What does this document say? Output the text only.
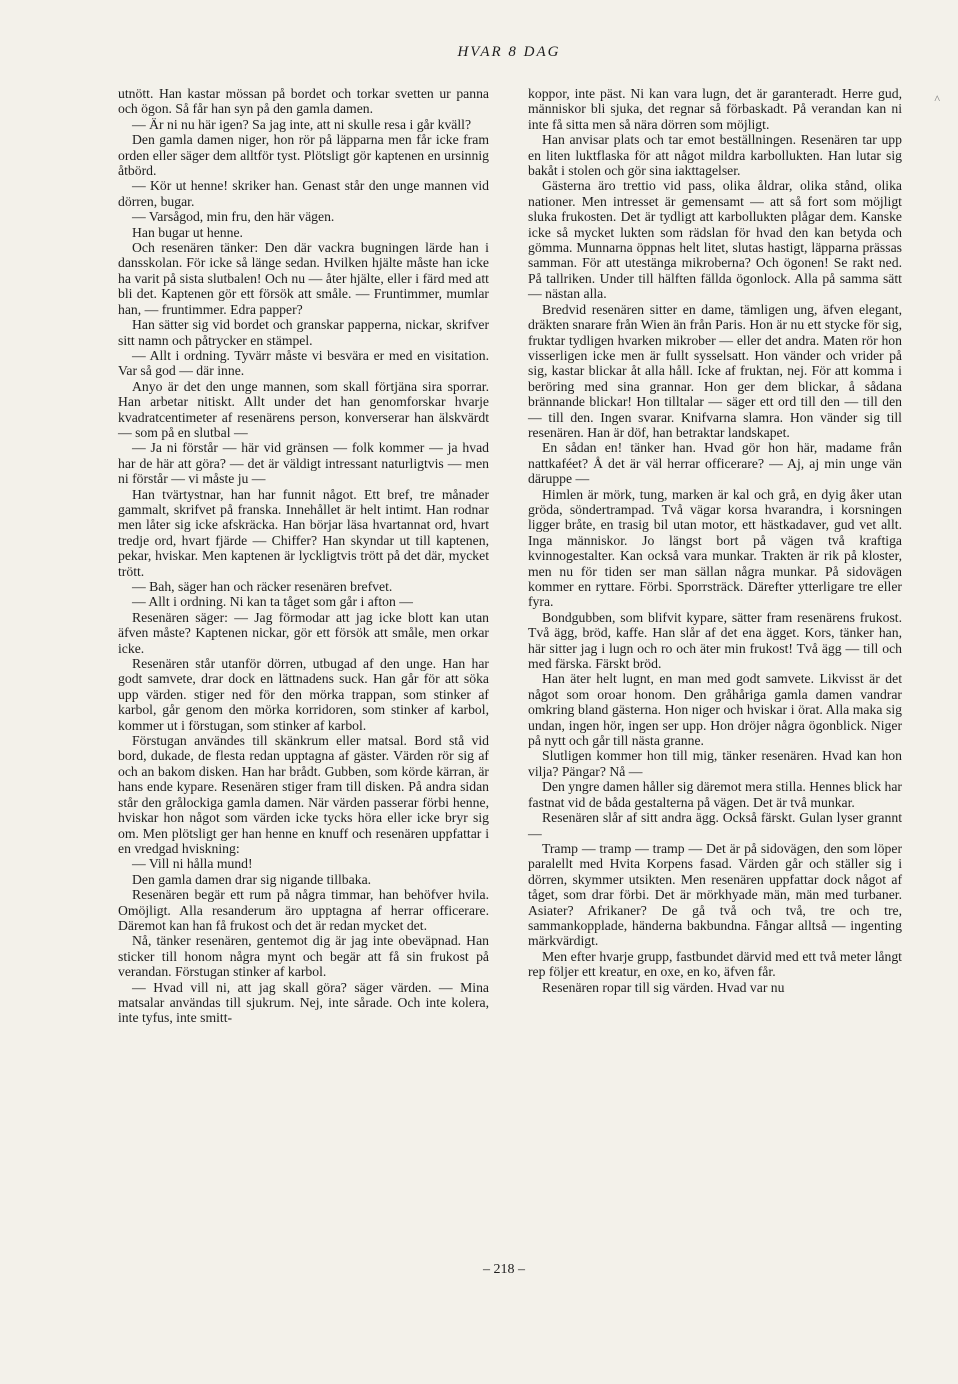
HVAR 8 DAG
^

utnött. Han kastar mössan på bordet och torkar svetten ur panna och ögon. Så får han syn på den gamla damen.

— Är ni nu här igen? Sa jag inte, att ni skulle resa i går kväll?

Den gamla damen niger, hon rör på läpparna men får icke fram orden eller säger dem alltför tyst. Plötsligt gör kaptenen en ursinnig åtbörd.

— Kör ut henne! skriker han. Genast står den unge mannen vid dörren, bugar.

— Varsågod, min fru, den här vägen.

Han bugar ut henne.

Och resenären tänker: Den där vackra bugningen lärde han i dansskolan. För icke så länge sedan. Hvilken hjälte måste han icke ha varit på sista slutbalen! Och nu — åter hjälte, eller i färd med att bli det. Kaptenen gör ett försök att småle. — Fruntimmer, mumlar han, — fruntimmer. Edra papper?

Han sätter sig vid bordet och granskar papperna, nickar, skrifver sitt namn och påtrycker en stämpel.

— Allt i ordning. Tyvärr måste vi besvära er med en visitation. Var så god — där inne.

Anyo är det den unge mannen, som skall förtjäna sira sporrar. Han arbetar nitiskt. Allt under det han genomforskar hvarje kvadratcentimeter af resenärens person, konverserar han älskvärdt — som på en slutbal —

— Ja ni förstår — här vid gränsen — folk kommer — ja hvad har de här att göra? — det är väldigt intressant naturligtvis — men ni förstår — vi måste ju —

Han tvärtystnar, han har funnit något. Ett bref, tre månader gammalt, skrifvet på franska. Innehållet är helt intimt. Han rodnar men låter sig icke afskräcka. Han börjar läsa hvartannat ord, hvart tredje ord, hvart fjärde — Chiffer? Han skyndar ut till kaptenen, pekar, hviskar. Men kaptenen är lyckligtvis trött på det där, mycket trött.

— Bah, säger han och räcker resenären brefvet.

— Allt i ordning. Ni kan ta tåget som går i afton —

Resenären säger: — Jag förmodar att jag icke blott kan utan äfven måste? Kaptenen nickar, gör ett försök att småle, men orkar icke.

Resenären står utanför dörren, utbugad af den unge. Han har godt samvete, drar dock en lättnadens suck. Han går för att söka upp värden. stiger ned för den mörka trappan, som stinker af karbol, går genom den mörka korridoren, som stinker af karbol, kommer ut i förstugan, som stinker af karbol.

Förstugan användes till skänkrum eller matsal. Bord stå vid bord, dukade, de flesta redan upptagna af gäster. Värden rör sig af och an bakom disken. Han har brådt. Gubben, som körde kärran, är hans ende kypare. Resenären stiger fram till disken. På andra sidan står den grålockiga gamla damen. När värden passerar förbi henne, hviskar hon något som värden icke tycks höra eller icke bryr sig om. Men plötsligt ger han henne en knuff och resenären uppfattar i en vredgad hviskning:

— Vill ni hålla mund!

Den gamla damen drar sig nigande tillbaka.

Resenären begär ett rum på några timmar, han behöfver hvila. Omöjligt. Alla resanderum äro upptagna af herrar officerare. Däremot kan han få frukost och det är redan mycket det.

Nå, tänker resenären, gentemot dig är jag inte obeväpnad. Han sticker till honom några mynt och begär att få sin frukost på verandan. Förstugan stinker af karbol.

— Hvad vill ni, att jag skall göra? säger värden. — Mina matsalar användas till sjukrum. Nej, inte sårade. Och inte kolera, inte tyfus, inte smitt-

koppor, inte päst. Ni kan vara lugn, det är garanteradt. Herre gud, människor bli sjuka, det regnar så förbaskadt. På verandan kan ni inte få sitta men så nära dörren som möjligt.

Han anvisar plats och tar emot beställningen. Resenären tar upp en liten luktflaska för att något mildra karbollukten. Han lutar sig bakåt i stolen och gör sina iakttagelser.

Gästerna äro trettio vid pass, olika åldrar, olika stånd, olika nationer. Men intresset är gemensamt — att så fort som möjligt sluka frukosten. Det är tydligt att karbollukten plågar dem. Kanske icke så mycket lukten som rädslan för hvad den kan betyda och gömma. Munnarna öppnas helt litet, slutas hastigt, läpparna prässas samman. För att utestänga mikroberna? Och ögonen! Se rakt ned. På tallriken. Under till hälften fällda ögonlock. Alla på samma sätt — nästan alla.

Bredvid resenären sitter en dame, tämligen ung, äfven elegant, dräkten snarare från Wien än från Paris. Hon är nu ett stycke för sig, fruktar tydligen hvarken mikrober — eller det andra. Maten rör hon visserligen icke men är fullt sysselsatt. Hon vänder och vrider på sig, kastar blickar åt alla håll. Icke af fruktan, nej. För att komma i beröring med sina grannar. Hon ger dem blickar, å sådana brännande blickar! Hon tilltalar — säger ett ord till den — till den — till den. Ingen svarar. Knifvarna slamra. Hon vänder sig till resenären. Han är döf, han betraktar landskapet.

En sådan en! tänker han. Hvad gör hon här, madame från nattkaféet? Å det är väl herrar officerare? — Aj, aj min unge vän däruppe —

Himlen är mörk, tung, marken är kal och grå, en dyig åker utan gröda, söndertrampad. Två vägar korsa hvarandra, i korsningen ligger bråte, en trasig bil utan motor, ett hästkadaver, gud vet allt. Inga människor. Jo längst bort på vägen två kraftiga kvinnogestalter. Kan också vara munkar. Trakten är rik på kloster, men nu för tiden ser man sällan några munkar. På sidovägen kommer en ryttare. Förbi. Sporrsträck. Därefter ytterligare tre eller fyra.

Bondgubben, som blifvit kypare, sätter fram resenärens frukost. Två ägg, bröd, kaffe. Han slår af det ena ägget. Kors, tänker han, här sitter jag i lugn och ro och äter min frukost! Två ägg — till och med färska. Färskt bröd.

Han äter helt lugnt, en man med godt samvete. Likvisst är det något som oroar honom. Den gråhåriga gamla damen vandrar omkring bland gästerna. Hon niger och hviskar i örat. Alla maka sig undan, ingen hör, ingen ser upp. Hon dröjer några ögonblick. Niger på nytt och går till nästa granne.

Slutligen kommer hon till mig, tänker resenären. Hvad kan hon vilja? Pängar? Nå —

Den yngre damen håller sig däremot mera stilla. Hennes blick har fastnat vid de båda gestalterna på vägen. Det är två munkar.

Resenären slår af sitt andra ägg. Också färskt. Gulan lyser grannt —

Tramp — tramp — tramp — Det är på sidovägen, den som löper paralellt med Hvita Korpens fasad. Värden går och ställer sig i dörren, skymmer utsikten. Men resenären uppfattar dock något af tåget, som drar förbi. Det är mörkhyade män, män med turbaner. Asiater? Afrikaner? De gå två och två, tre och tre, sammankopplade, händerna bakbundna. Fångar alltså — ingenting märkvärdigt.

Men efter hvarje grupp, fastbundet därvid med ett två meter långt rep följer ett kreatur, en oxe, en ko, äfven får.

Resenären ropar till sig värden. Hvad var nu

– 218 –
